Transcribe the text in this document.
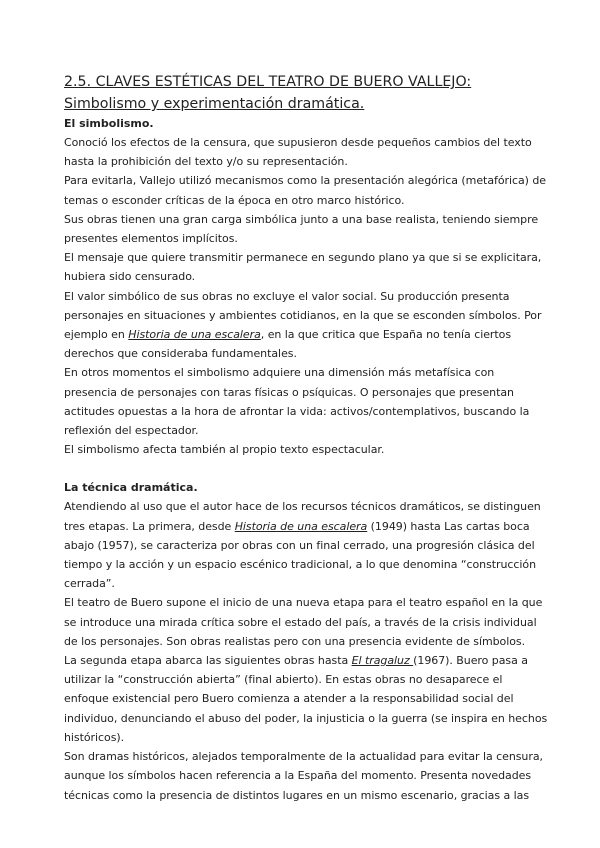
2.5. CLAVES ESTÉTICAS DEL TEATRO DE BUERO VALLEJO:
Simbolismo y experimentación dramática.
El simbolismo.

Conoció los efectos de la censura, que supusieron desde pequeños cambios del texto hasta la prohibición del texto y/o su representación.

Para evitarla, Vallejo utilizó mecanismos como la presentación alegórica (metafórica) de temas o esconder críticas de la época en otro marco histórico.

Sus obras tienen una gran carga simbólica junto a una base realista, teniendo siempre presentes elementos implícitos.

El mensaje que quiere transmitir permanece en segundo plano ya que si se explicitara, hubiera sido censurado.

El valor simbólico de sus obras no excluye el valor social. Su producción presenta personajes en situaciones y ambientes cotidianos, en la que se esconden símbolos. Por ejemplo en Historia de una escalera, en la que critica que España no tenía ciertos derechos que consideraba fundamentales.

En otros momentos el simbolismo adquiere una dimensión más metafísica con presencia de personajes con taras físicas o psíquicas. O personajes que presentan actitudes opuestas a la hora de afrontar la vida: activos/contemplativos, buscando la reflexión del espectador.

El simbolismo afecta también al propio texto espectacular.

La técnica dramática.

Atendiendo al uso que el autor hace de los recursos técnicos dramáticos, se distinguen tres etapas. La primera, desde Historia de una escalera (1949) hasta Las cartas boca abajo (1957), se caracteriza por obras con un final cerrado, una progresión clásica del tiempo y la acción y un espacio escénico tradicional, a lo que denomina “construcción cerrada”.

El teatro de Buero supone el inicio de una nueva etapa para el teatro español en la que se introduce una mirada crítica sobre el estado del país, a través de la crisis individual de los personajes. Son obras realistas pero con una presencia evidente de símbolos.

La segunda etapa abarca las siguientes obras hasta El tragaluz (1967). Buero pasa a utilizar la “construcción abierta” (final abierto). En estas obras no desaparece el enfoque existencial pero Buero comienza a atender a la responsabilidad social del individuo, denunciando el abuso del poder, la injusticia o la guerra (se inspira en hechos históricos).

Son dramas históricos, alejados temporalmente de la actualidad para evitar la censura, aunque los símbolos hacen referencia a la España del momento. Presenta novedades técnicas como la presencia de distintos lugares en un mismo escenario, gracias a las
